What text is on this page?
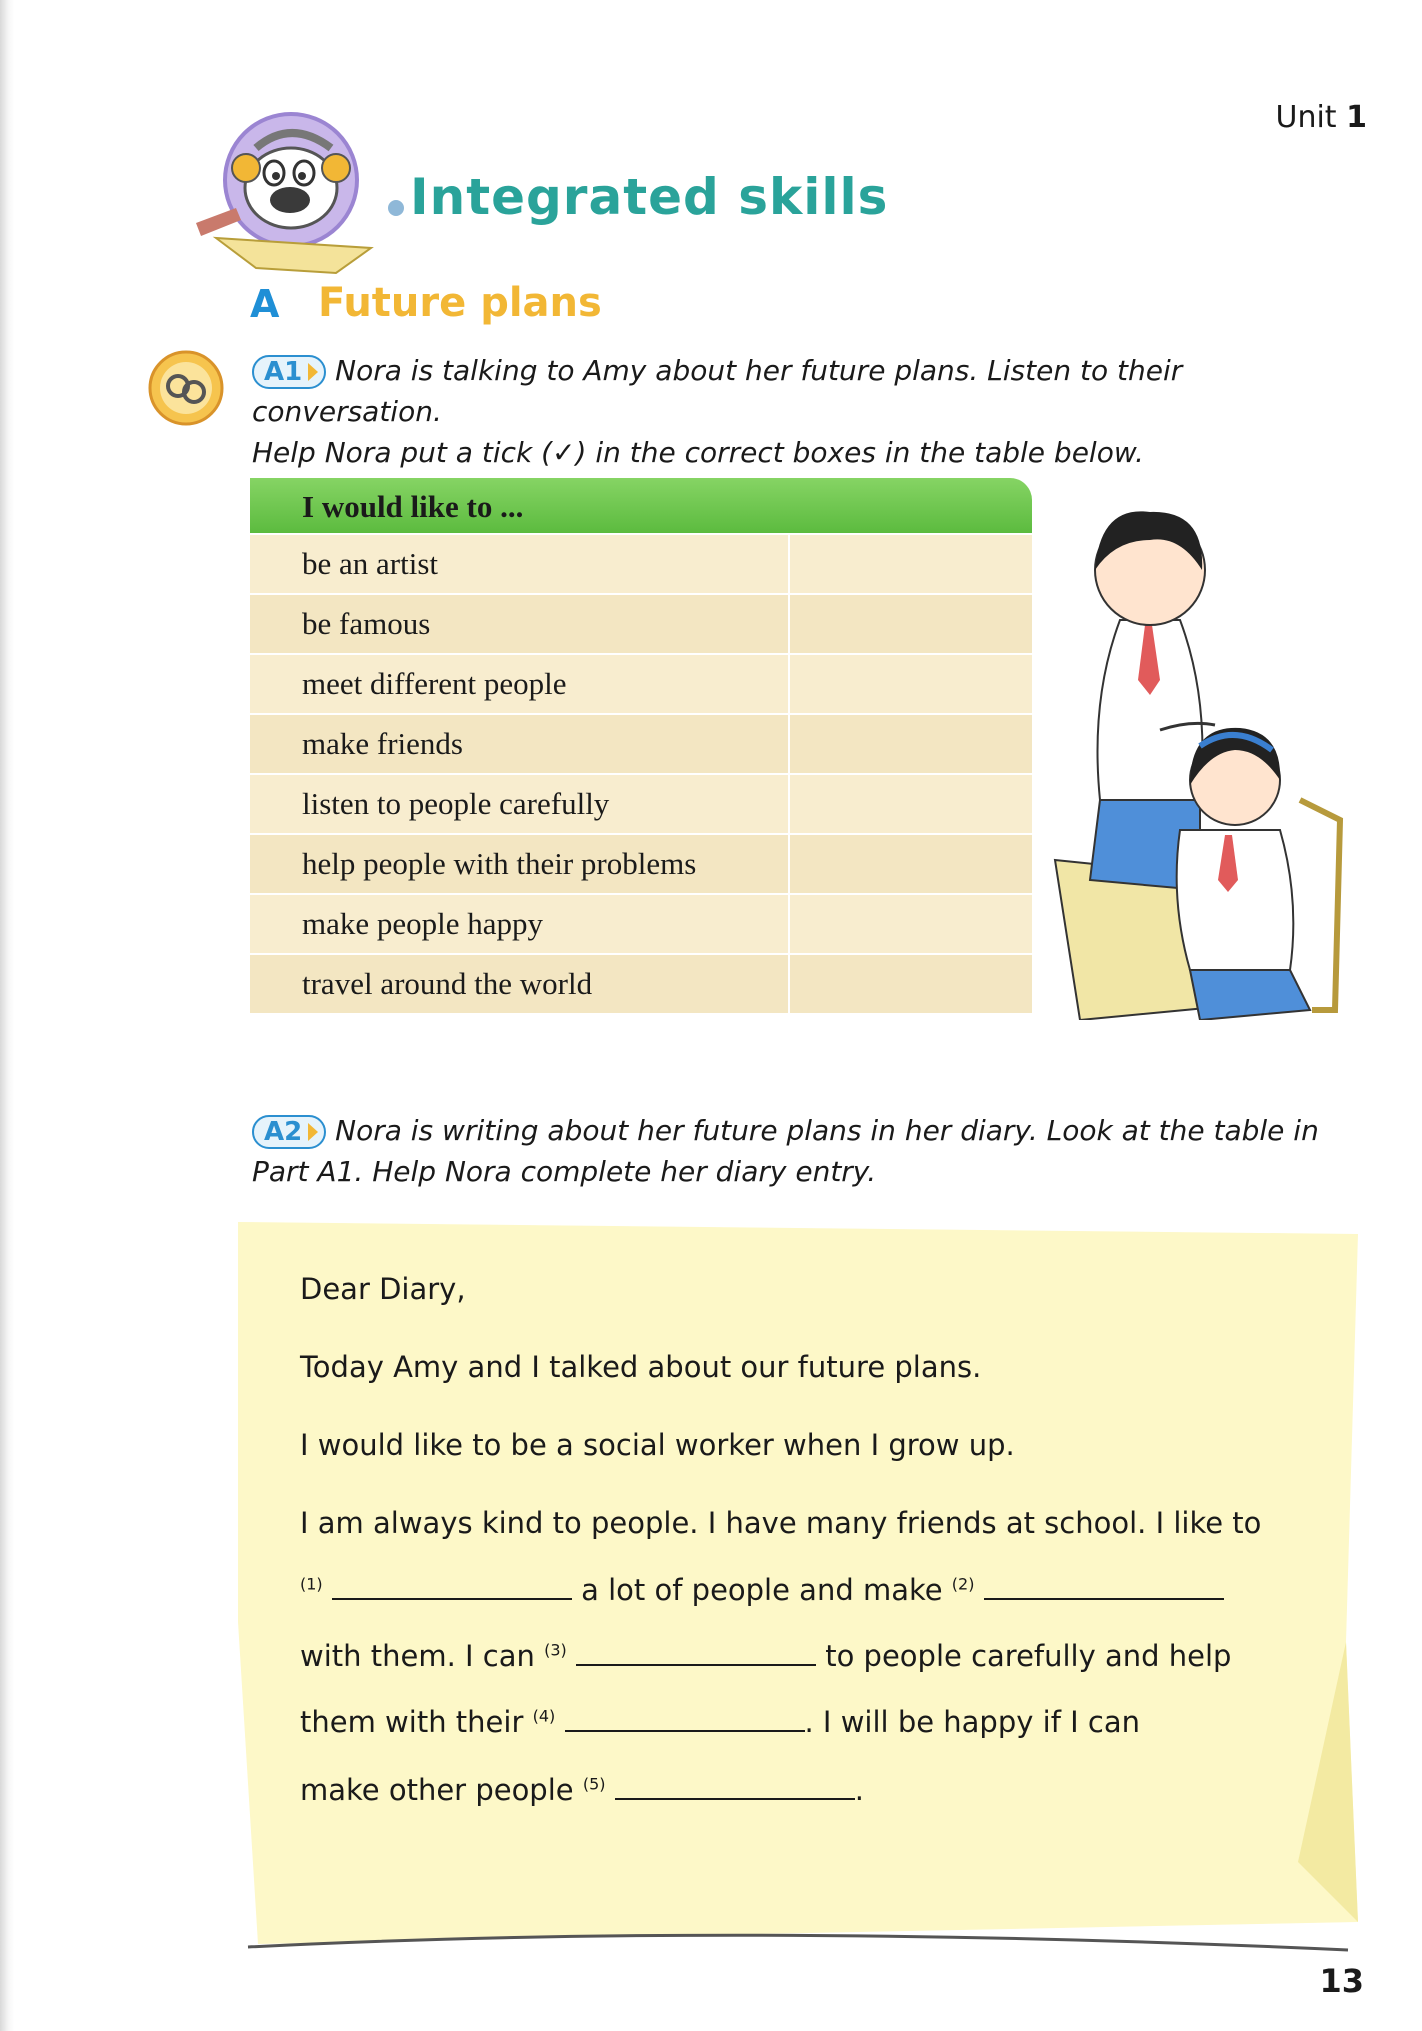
Unit 1
Integrated skills
A Future plans
A1 Nora is talking to Amy about her future plans. Listen to their conversation.
Help Nora put a tick (✓) in the correct boxes in the table below.
I would like to ...
be an artist
be famous
meet different people
make friends
listen to people carefully
help people with their problems
make people happy
travel around the world
A2 Nora is writing about her future plans in her diary. Look at the table in
Part A1. Help Nora complete her diary entry.
Dear Diary,
Today Amy and I talked about our future plans.
I would like to be a social worker when I grow up.
I am always kind to people. I have many friends at school. I like to
$^{(1)}$	a lot of people and make $^{(2)}$
with them. I can $^{(3)}$	to people carefully and help
them with their $^{(4)}$	. I will be happy if I can
make other people $^{(5)}$	.
13
